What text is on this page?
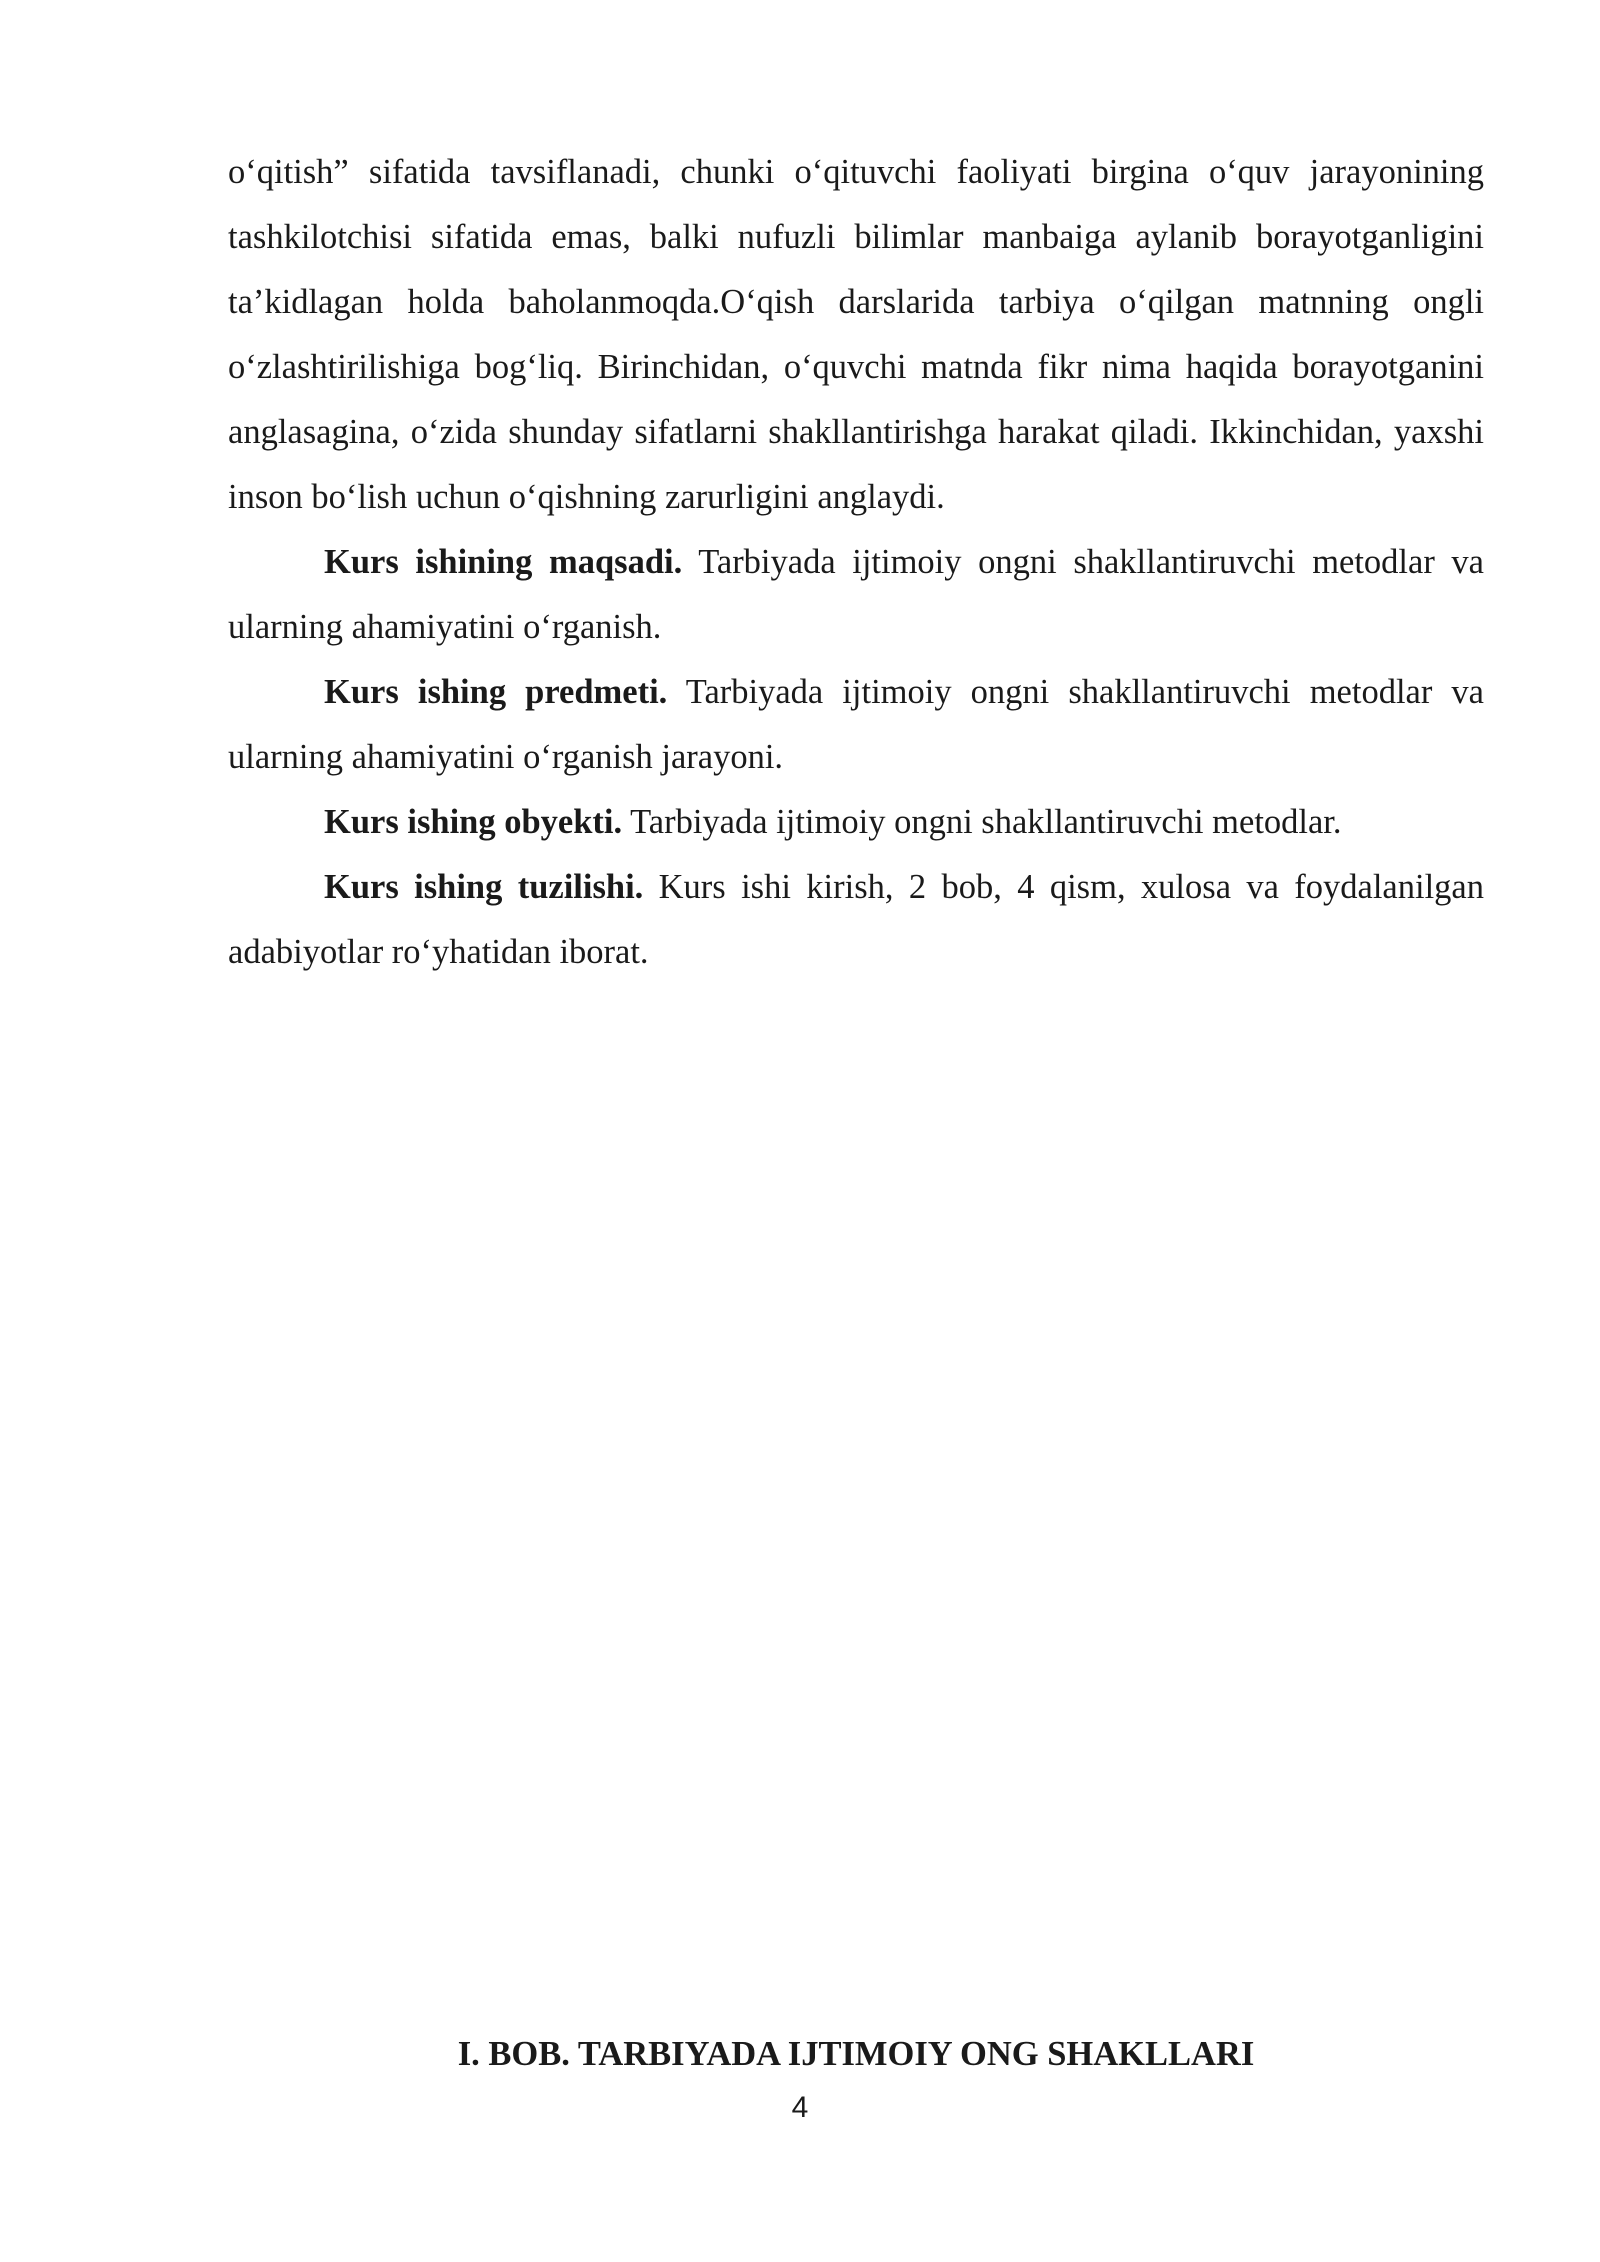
o‘qitish” sifatida tavsiflanadi, chunki o‘qituvchi faoliyati birgina o‘quv jarayonining tashkilotchisi sifatida emas, balki nufuzli bilimlar manbaiga aylanib borayotganligini ta’kidlagan holda baholanmoqda.O‘qish darslarida tarbiya o‘qilgan matnning ongli o‘zlashtirilishiga bog‘liq. Birinchidan, o‘quvchi matnda fikr nima haqida borayotganini anglasagina, o‘zida shunday sifatlarni shakllantirishga harakat qiladi. Ikkinchidan, yaxshi inson bo‘lish uchun o‘qishning zarurligini anglaydi.

Kurs ishining maqsadi. Tarbiyada ijtimoiy ongni shakllantiruvchi metodlar va ularning ahamiyatini o‘rganish.

Kurs ishing predmeti. Tarbiyada ijtimoiy ongni shakllantiruvchi metodlar va ularning ahamiyatini o‘rganish jarayoni.

Kurs ishing obyekti. Tarbiyada ijtimoiy ongni shakllantiruvchi metodlar.

Kurs ishing tuzilishi. Kurs ishi kirish, 2 bob, 4 qism, xulosa va foydalanilgan adabiyotlar ro‘yhatidan iborat.

I. BOB. TARBIYADA IJTIMOIY ONG SHAKLLARI
4
